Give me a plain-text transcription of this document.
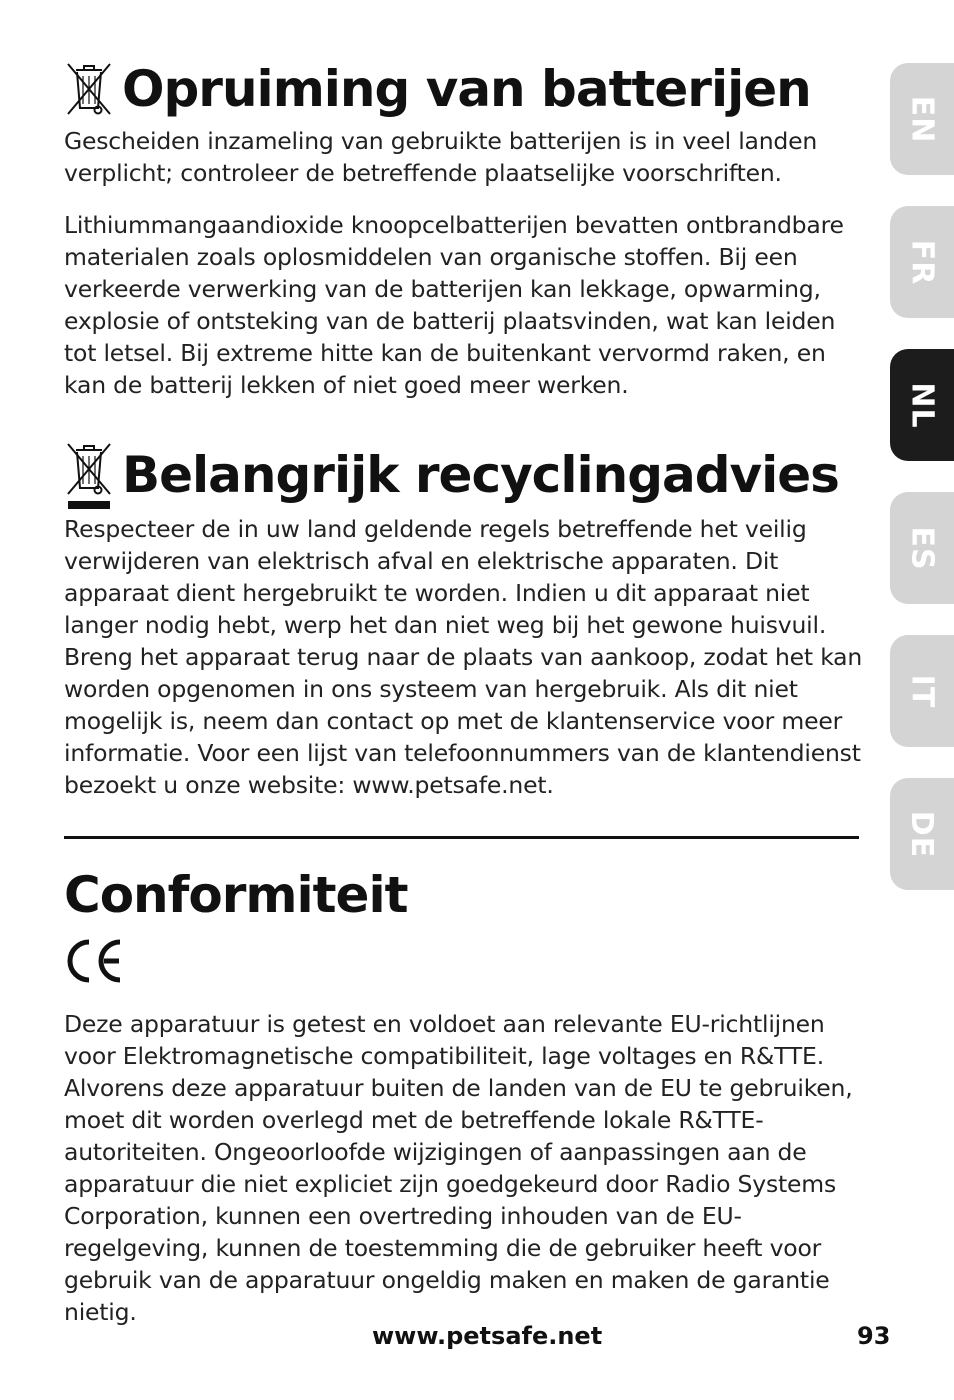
Opruiming van batterijen

Gescheiden inzameling van gebruikte batterijen is in veel landen verplicht; controleer de betreffende plaatselijke voorschriften.

Lithiummangaandioxide knoopcelbatterijen bevatten ontbrandbare materialen zoals oplosmiddelen van organische stoffen. Bij een verkeerde verwerking van de batterijen kan lekkage, opwarming, explosie of ontsteking van de batterij plaatsvinden, wat kan leiden tot letsel. Bij extreme hitte kan de buitenkant vervormd raken, en kan de batterij lekken of niet goed meer werken.

Belangrijk recyclingadvies

Respecteer de in uw land geldende regels betreffende het veilig verwijderen van elektrisch afval en elektrische apparaten. Dit apparaat dient hergebruikt te worden. Indien u dit apparaat niet langer nodig hebt, werp het dan niet weg bij het gewone huisvuil. Breng het apparaat terug naar de plaats van aankoop, zodat het kan worden opgenomen in ons systeem van hergebruik. Als dit niet mogelijk is, neem dan contact op met de klantenservice voor meer informatie. Voor een lijst van telefoonnummers van de klantendienst bezoekt u onze website: www.petsafe.net.

Conformiteit

Deze apparatuur is getest en voldoet aan relevante EU-richtlijnen voor Elektromagnetische compatibiliteit, lage voltages en R&TTE. Alvorens deze apparatuur buiten de landen van de EU te gebruiken, moet dit worden overlegd met de betreffende lokale R&TTE-autoriteiten. Ongeoorloofde wijzigingen of aanpassingen aan de apparatuur die niet expliciet zijn goedgekeurd door Radio Systems Corporation, kunnen een overtreding inhouden van de EU-regelgeving, kunnen de toestemming die de gebruiker heeft voor gebruik van de apparatuur ongeldig maken en maken de garantie nietig.

EN
FR
NL
ES
IT
DE
www.petsafe.net	93
